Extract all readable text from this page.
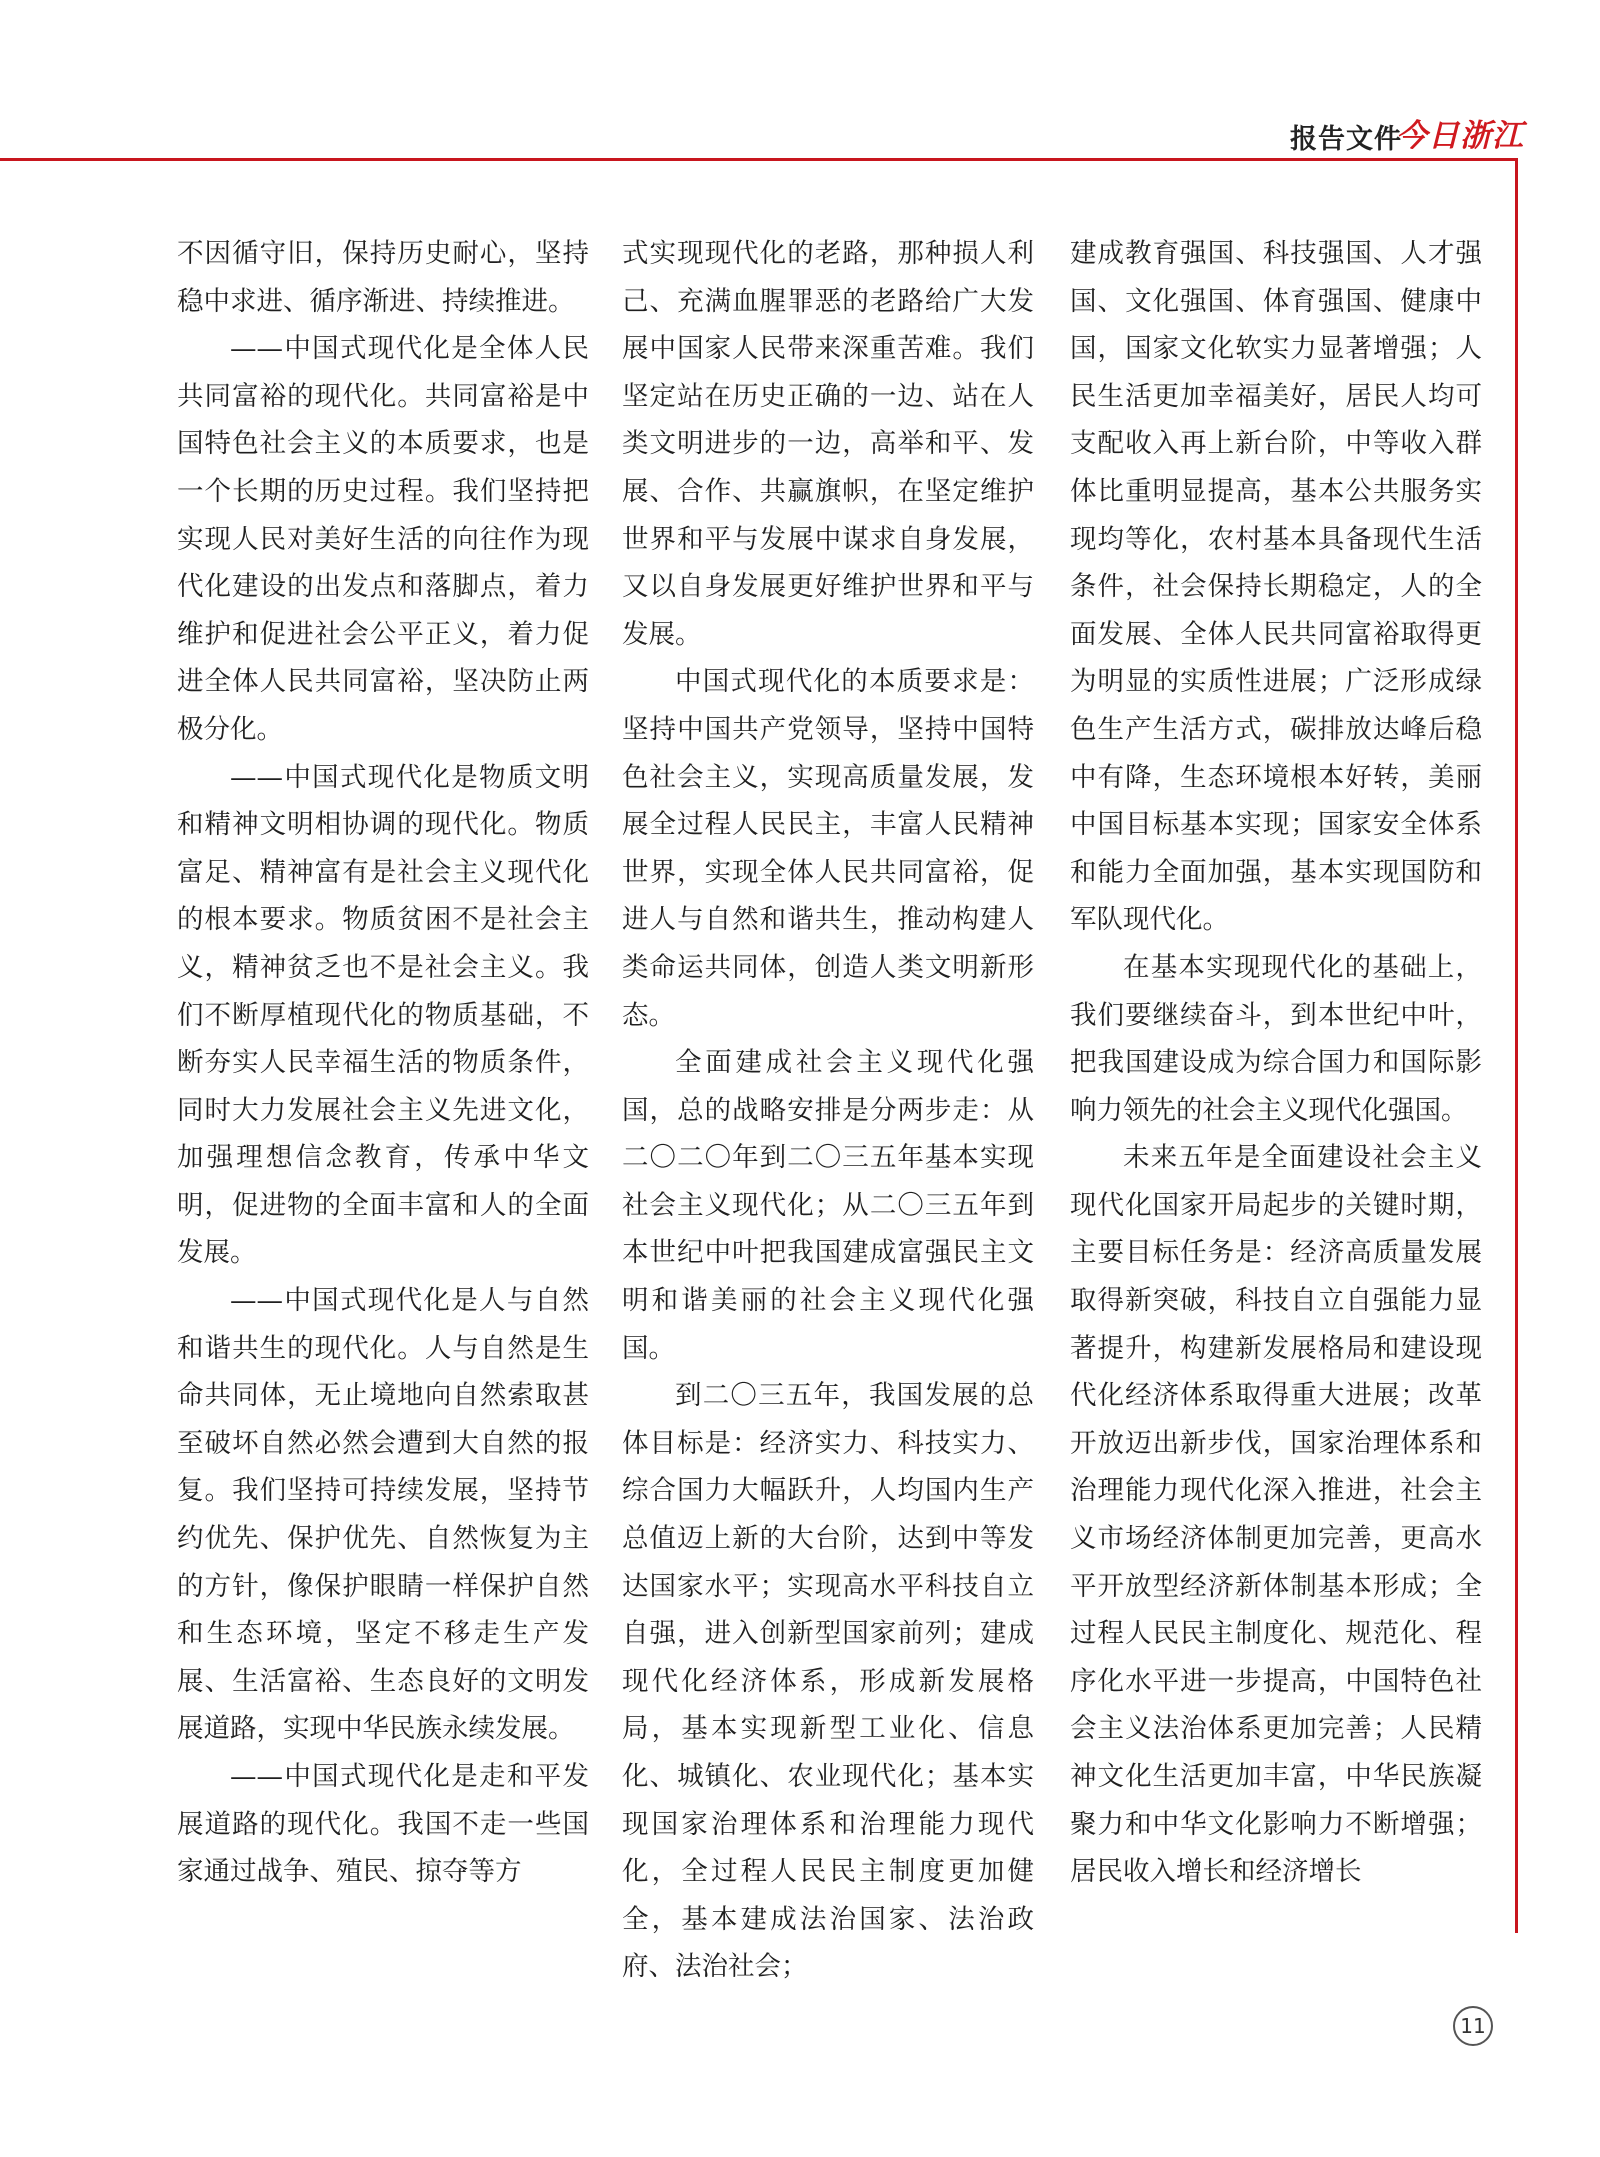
报告文件
今日浙江

不因循守旧，保持历史耐心，坚持稳中求进、循序渐进、持续推进。

——中国式现代化是全体人民共同富裕的现代化。共同富裕是中国特色社会主义的本质要求，也是一个长期的历史过程。我们坚持把实现人民对美好生活的向往作为现代化建设的出发点和落脚点，着力维护和促进社会公平正义，着力促进全体人民共同富裕，坚决防止两极分化。

——中国式现代化是物质文明和精神文明相协调的现代化。物质富足、精神富有是社会主义现代化的根本要求。物质贫困不是社会主义，精神贫乏也不是社会主义。我们不断厚植现代化的物质基础，不断夯实人民幸福生活的物质条件，同时大力发展社会主义先进文化，加强理想信念教育，传承中华文明，促进物的全面丰富和人的全面发展。

——中国式现代化是人与自然和谐共生的现代化。人与自然是生命共同体，无止境地向自然索取甚至破坏自然必然会遭到大自然的报复。我们坚持可持续发展，坚持节约优先、保护优先、自然恢复为主的方针，像保护眼睛一样保护自然和生态环境，坚定不移走生产发展、生活富裕、生态良好的文明发展道路，实现中华民族永续发展。

——中国式现代化是走和平发展道路的现代化。我国不走一些国家通过战争、殖民、掠夺等方

式实现现代化的老路，那种损人利己、充满血腥罪恶的老路给广大发展中国家人民带来深重苦难。我们坚定站在历史正确的一边、站在人类文明进步的一边，高举和平、发展、合作、共赢旗帜，在坚定维护世界和平与发展中谋求自身发展，又以自身发展更好维护世界和平与发展。

中国式现代化的本质要求是：坚持中国共产党领导，坚持中国特色社会主义，实现高质量发展，发展全过程人民民主，丰富人民精神世界，实现全体人民共同富裕，促进人与自然和谐共生，推动构建人类命运共同体，创造人类文明新形态。

全面建成社会主义现代化强国，总的战略安排是分两步走：从二〇二〇年到二〇三五年基本实现社会主义现代化；从二〇三五年到本世纪中叶把我国建成富强民主文明和谐美丽的社会主义现代化强国。

到二〇三五年，我国发展的总体目标是：经济实力、科技实力、综合国力大幅跃升，人均国内生产总值迈上新的大台阶，达到中等发达国家水平；实现高水平科技自立自强，进入创新型国家前列；建成现代化经济体系，形成新发展格局，基本实现新型工业化、信息化、城镇化、农业现代化；基本实现国家治理体系和治理能力现代化，全过程人民民主制度更加健全，基本建成法治国家、法治政府、法治社会；

建成教育强国、科技强国、人才强国、文化强国、体育强国、健康中国，国家文化软实力显著增强；人民生活更加幸福美好，居民人均可支配收入再上新台阶，中等收入群体比重明显提高，基本公共服务实现均等化，农村基本具备现代生活条件，社会保持长期稳定，人的全面发展、全体人民共同富裕取得更为明显的实质性进展；广泛形成绿色生产生活方式，碳排放达峰后稳中有降，生态环境根本好转，美丽中国目标基本实现；国家安全体系和能力全面加强，基本实现国防和军队现代化。

在基本实现现代化的基础上，我们要继续奋斗，到本世纪中叶，把我国建设成为综合国力和国际影响力领先的社会主义现代化强国。

未来五年是全面建设社会主义现代化国家开局起步的关键时期，主要目标任务是：经济高质量发展取得新突破，科技自立自强能力显著提升，构建新发展格局和建设现代化经济体系取得重大进展；改革开放迈出新步伐，国家治理体系和治理能力现代化深入推进，社会主义市场经济体制更加完善，更高水平开放型经济新体制基本形成；全过程人民民主制度化、规范化、程序化水平进一步提高，中国特色社会主义法治体系更加完善；人民精神文化生活更加丰富，中华民族凝聚力和中华文化影响力不断增强；居民收入增长和经济增长

11
